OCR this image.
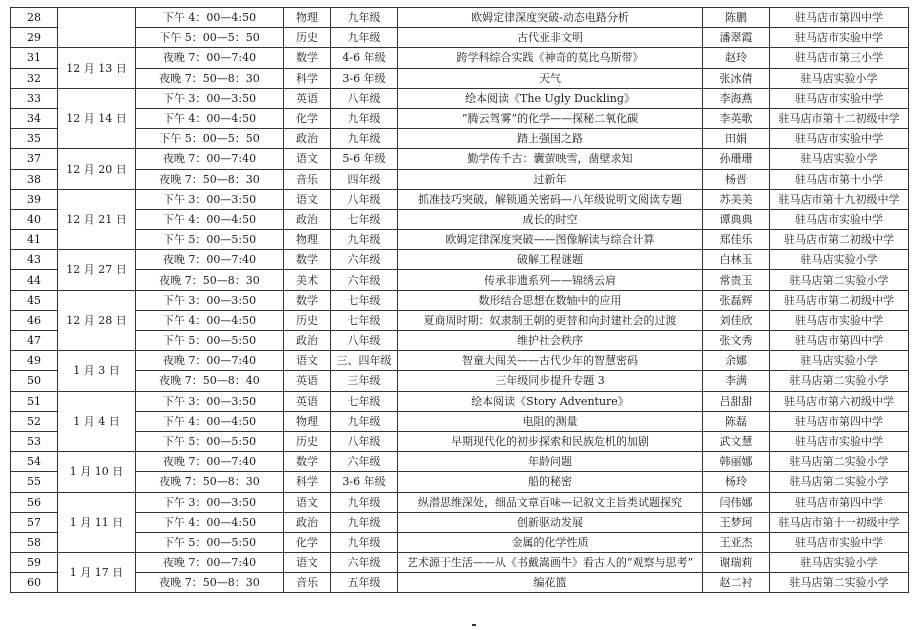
28		下午 4：00—4:50	物理	九年级	欧姆定律深度突破-动态电路分析	陈鹏	驻马店市第四中学
29		下午 5：00—5：50	历史	九年级	古代亚非文明	潘翠霞	驻马店市实验中学
31	12 月 13 日	夜晚 7：00—7:40	数学	4-6 年级	跨学科综合实践《神奇的莫比乌斯带》	赵玲	驻马店市第三小学
32		夜晚 7：50—8：30	科学	3-6 年级	天气	张冰倩	驻马店实验小学
33	12 月 14 日	下午 3：00—3:50	英语	八年级	绘本阅读《The Ugly Duckling》	李海燕	驻马店市实验中学
34		下午 4：00—4:50	化学	九年级	“腾云驾雾”的化学——探秘二氧化碳	李英歌	驻马店市第十二初级中学
35		下午 5：00—5：50	政治	九年级	踏上强国之路	田娟	驻马店市实验中学
37	12 月 20 日	夜晚 7：00—7:40	语文	5-6 年级	勤学传千古：囊萤映雪，凿壁求知	孙珊珊	驻马店实验小学
38		夜晚 7：50—8：30	音乐	四年级	过新年	杨晋	驻马店市第十小学
39	12 月 21 日	下午 3：00—3:50	语文	八年级	抓准技巧突破，解锁通关密码—八年级说明文阅读专题	苏美美	驻马店市第十九初级中学
40		下午 4：00—4:50	政治	七年级	成长的时空	谭典典	驻马店市实验中学
41		下午 5：00—5:50	物理	九年级	欧姆定律深度突破——图像解读与综合计算	郑佳乐	驻马店市第二初级中学
43	12 月 27 日	夜晚 7：00—7:40	数学	六年级	破解工程谜题	白林玉	驻马店实验小学
44		夜晚 7：50—8：30	美术	六年级	传承非遗系列——锦绣云肩	常贵玉	驻马店第二实验小学
45	12 月 28 日	下午 3：00—3:50	数学	七年级	数形结合思想在数轴中的应用	张磊辉	驻马店市第二初级中学
46		下午 4：00—4:50	历史	七年级	夏商周时期：奴隶制王朝的更替和向封建社会的过渡	刘佳欣	驻马店市实验中学
47		下午 5：00—5:50	政治	八年级	维护社会秩序	张文秀	驻马店市第四中学
49	1 月 3 日	夜晚 7：00—7:40	语文	三、四年级	智童大闯关——古代少年的智慧密码	余娜	驻马店实验小学
50		夜晚 7：50—8：40	英语	三年级	三年级同步提升专题 3	李满	驻马店第二实验小学
51	1 月 4 日	下午 3：00—3:50	英语	七年级	绘本阅读《Story Adventure》	吕甜甜	驻马店市第六初级中学
52		下午 4：00—4:50	物理	九年级	电阻的测量	陈磊	驻马店市第四中学
53		下午 5：00—5:50	历史	八年级	早期现代化的初步探索和民族危机的加剧	武文慧	驻马店市实验中学
54	1 月 10 日	夜晚 7：00—7:40	数学	六年级	年龄问题	韩丽娜	驻马店第二实验小学
55		夜晚 7：50—8：30	科学	3-6 年级	船的秘密	杨玲	驻马店第二实验小学
56	1 月 11 日	下午 3：00—3:50	语文	九年级	纵潜思维深处，细品文章百味—记叙文主旨类试题探究	闫伟娜	驻马店市第四中学
57		下午 4：00—4:50	政治	九年级	创新驱动发展	王梦珂	驻马店市第十一初级中学
58		下午 5：00—5:50	化学	九年级	金属的化学性质	王亚杰	驻马店市实验中学
59	1 月 17 日	夜晚 7：00—7:40	语文	六年级	艺术源于生活——从《书戴嵩画牛》看古人的“观察与思考”	谢瑞莉	驻马店实验小学
60		夜晚 7：50—8：30	音乐	五年级	编花篮	赵二衬	驻马店第二实验小学
